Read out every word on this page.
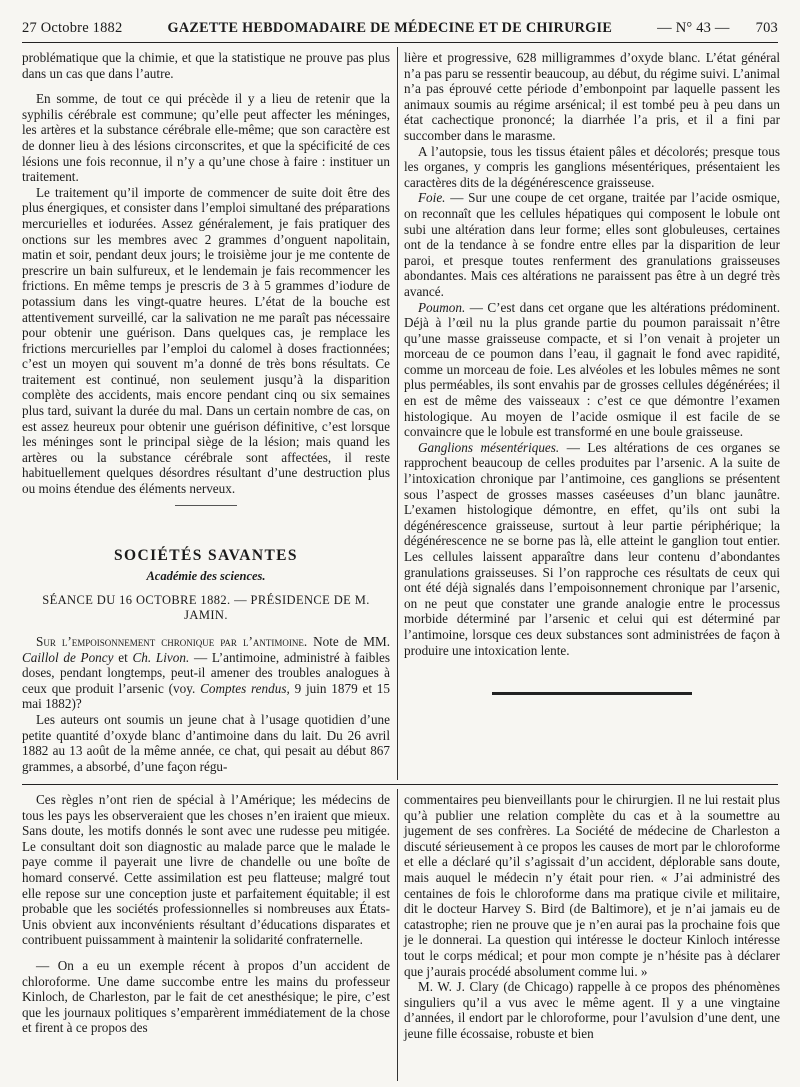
27 Octobre 1882	GAZETTE HEBDOMADAIRE DE MÉDECINE ET DE CHIRURGIE	— N° 43 — 703

problématique que la chimie, et que la statistique ne prouve pas plus dans un cas que dans l’autre.

En somme, de tout ce qui précède il y a lieu de retenir que la syphilis cérébrale est commune; qu’elle peut affecter les méninges, les artères et la substance cérébrale elle-même; que son caractère est de donner lieu à des lésions circonscrites, et que la spécificité de ces lésions une fois reconnue, il n’y a qu’une chose à faire : instituer un traitement.

Le traitement qu’il importe de commencer de suite doit être des plus énergiques, et consister dans l’emploi simultané des préparations mercurielles et iodurées. Assez généralement, je fais pratiquer des onctions sur les membres avec 2 grammes d’onguent napolitain, matin et soir, pendant deux jours; le troisième jour je me contente de prescrire un bain sulfureux, et le lendemain je fais recommencer les frictions. En même temps je prescris de 3 à 5 grammes d’iodure de potassium dans les vingt-quatre heures. L’état de la bouche est attentivement surveillé, car la salivation ne me paraît pas nécessaire pour obtenir une guérison. Dans quelques cas, je remplace les frictions mercurielles par l’emploi du calomel à doses fractionnées; c’est un moyen qui souvent m’a donné de très bons résultats. Ce traitement est continué, non seulement jusqu’à la disparition complète des accidents, mais encore pendant cinq ou six semaines plus tard, suivant la durée du mal. Dans un certain nombre de cas, on est assez heureux pour obtenir une guérison définitive, c’est lorsque les méninges sont le principal siège de la lésion; mais quand les artères ou la substance cérébrale sont affectées, il reste habituellement quelques désordres résultant d’une destruction plus ou moins étendue des éléments nerveux.

SOCIÉTÉS SAVANTES
Académie des sciences.
SÉANCE DU 16 OCTOBRE 1882. — PRÉSIDENCE DE M. JAMIN.

Sur l’empoisonnement chronique par l’antimoine. Note de MM. Caillol de Poncy et Ch. Livon. — L’antimoine, administré à faibles doses, pendant longtemps, peut-il amener des troubles analogues à ceux que produit l’arsenic (voy. Comptes rendus, 9 juin 1879 et 15 mai 1882)?

Les auteurs ont soumis un jeune chat à l’usage quotidien d’une petite quantité d’oxyde blanc d’antimoine dans du lait. Du 26 avril 1882 au 13 août de la même année, ce chat, qui pesait au début 867 grammes, a absorbé, d’une façon régu-

lière et progressive, 628 milligrammes d’oxyde blanc. L’état général n’a pas paru se ressentir beaucoup, au début, du régime suivi. L’animal n’a pas éprouvé cette période d’embonpoint par laquelle passent les animaux soumis au régime arsénical; il est tombé peu à peu dans un état cachectique prononcé; la diarrhée l’a pris, et il a fini par succomber dans le marasme.

A l’autopsie, tous les tissus étaient pâles et décolorés; presque tous les organes, y compris les ganglions mésentériques, présentaient les caractères dits de la dégénérescence graisseuse.

Foie. — Sur une coupe de cet organe, traitée par l’acide osmique, on reconnaît que les cellules hépatiques qui composent le lobule ont subi une altération dans leur forme; elles sont globuleuses, certaines ont de la tendance à se fondre entre elles par la disparition de leur paroi, et presque toutes renferment des granulations graisseuses abondantes. Mais ces altérations ne paraissent pas être à un degré très avancé.

Poumon. — C’est dans cet organe que les altérations prédominent. Déjà à l’œil nu la plus grande partie du poumon paraissait n’être qu’une masse graisseuse compacte, et si l’on venait à projeter un morceau de ce poumon dans l’eau, il gagnait le fond avec rapidité, comme un morceau de foie. Les alvéoles et les lobules mêmes ne sont plus perméables, ils sont envahis par de grosses cellules dégénérées; il en est de même des vaisseaux : c’est ce que démontre l’examen histologique. Au moyen de l’acide osmique il est facile de se convaincre que le lobule est transformé en une boule graisseuse.

Ganglions mésentériques. — Les altérations de ces organes se rapprochent beaucoup de celles produites par l’arsenic. A la suite de l’intoxication chronique par l’antimoine, ces ganglions se présentent sous l’aspect de grosses masses caséeuses d’un blanc jaunâtre. L’examen histologique démontre, en effet, qu’ils ont subi la dégénérescence graisseuse, surtout à leur partie périphérique; la dégénérescence ne se borne pas là, elle atteint le ganglion tout entier. Les cellules laissent apparaître dans leur contenu d’abondantes granulations graisseuses. Si l’on rapproche ces résultats de ceux qui ont été déjà signalés dans l’empoisonnement chronique par l’arsenic, on ne peut que constater une grande analogie entre le processus morbide déterminé par l’arsenic et celui qui est déterminé par l’antimoine, lorsque ces deux substances sont administrées de façon à produire une intoxication lente.

Ces règles n’ont rien de spécial à l’Amérique; les médecins de tous les pays les observeraient que les choses n’en iraient que mieux. Sans doute, les motifs donnés le sont avec une rudesse peu mitigée. Le consultant doit son diagnostic au malade parce que le malade le paye comme il payerait une livre de chandelle ou une boîte de homard conservé. Cette assimilation est peu flatteuse; malgré tout elle repose sur une conception juste et parfaitement équitable; il est probable que les sociétés professionnelles si nombreuses aux États-Unis obvient aux inconvénients résultant d’éducations disparates et contribuent puissamment à maintenir la solidarité confraternelle.

— On a eu un exemple récent à propos d’un accident de chloroforme. Une dame succombe entre les mains du professeur Kinloch, de Charleston, par le fait de cet anesthésique; le pire, c’est que les journaux politiques s’emparèrent immédiatement de la chose et firent à ce propos des

commentaires peu bienveillants pour le chirurgien. Il ne lui restait plus qu’à publier une relation complète du cas et à la soumettre au jugement de ses confrères. La Société de médecine de Charleston a discuté sérieusement à ce propos les causes de mort par le chloroforme et elle a déclaré qu’il s’agissait d’un accident, déplorable sans doute, mais auquel le médecin n’y était pour rien. « J’ai administré des centaines de fois le chloroforme dans ma pratique civile et militaire, dit le docteur Harvey S. Bird (de Baltimore), et je n’ai jamais eu de catastrophe; rien ne prouve que je n’en aurai pas la prochaine fois que je le donnerai. La question qui intéresse le docteur Kinloch intéresse tout le corps médical; et pour mon compte je n’hésite pas à déclarer que j’aurais procédé absolument comme lui. »

M. W. J. Clary (de Chicago) rappelle à ce propos des phénomènes singuliers qu’il a vus avec le même agent. Il y a une vingtaine d’années, il endort par le chloroforme, pour l’avulsion d’une dent, une jeune fille écossaise, robuste et bien
